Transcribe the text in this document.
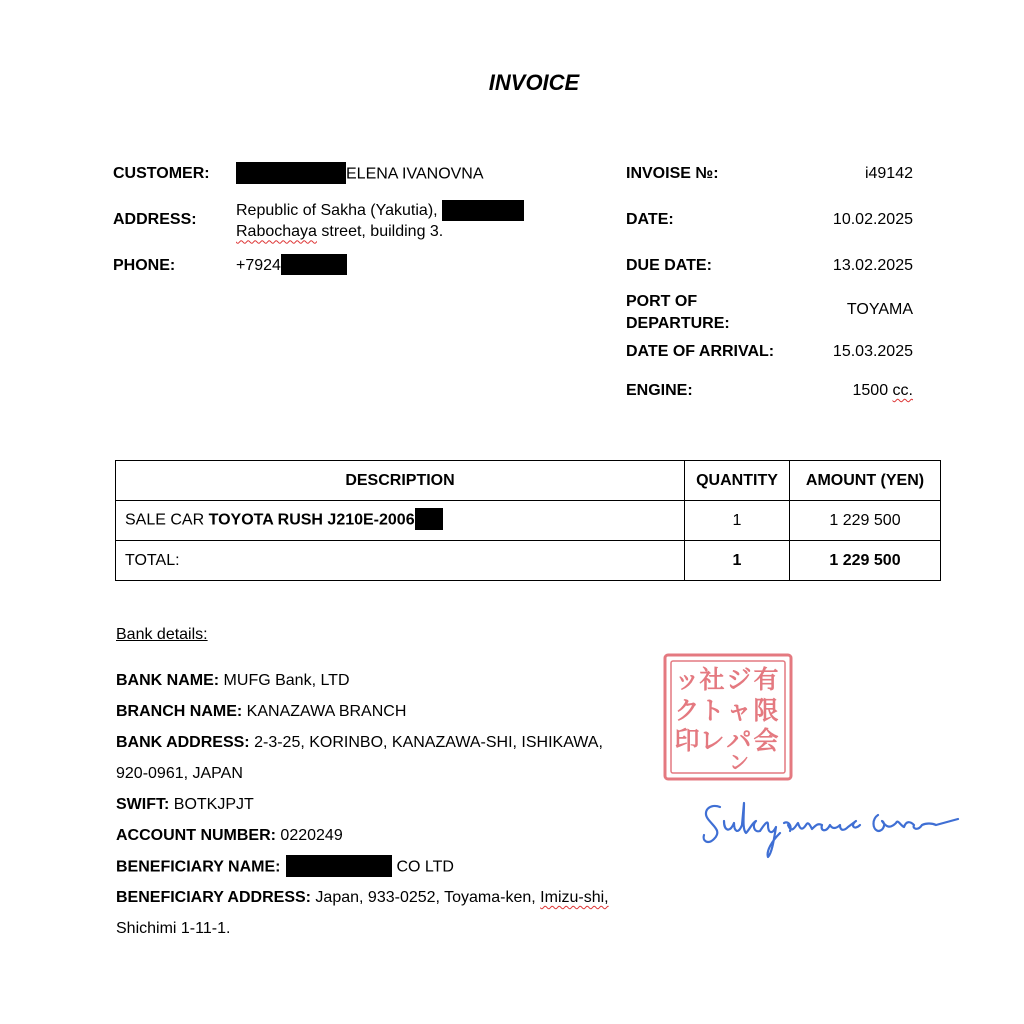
INVOICE
CUSTOMER:	ELENA IVANOVNA
ADDRESS:
Republic of Sakha (Yakutia),
Rabochaya street, building 3.
PHONE:	+7924
INVOISE №:	i49142
DATE:	10.02.2025
DUE DATE:	13.02.2025
PORT OF
DEPARTURE:
TOYAMA
DATE OF ARRIVAL:	15.03.2025
ENGINE:	1500 cc.
DESCRIPTION	QUANTITY	AMOUNT (YEN)
SALE CAR TOYOTA RUSH J210E-2006	1	1 229 500
TOTAL:	1	1 229 500
Bank details:
BANK NAME: MUFG Bank, LTD
BRANCH NAME: KANAZAWA BRANCH
BANK ADDRESS: 2-3-25, KORINBO, KANAZAWA-SHI, ISHIKAWA,
920-0961, JAPAN
SWIFT: BOTKJPJT
ACCOUNT NUMBER: 0220249
BENEFICIARY NAME:	CO LTD
BENEFICIARY ADDRESS: Japan, 933-0252, Toyama-ken, Imizu-shi,
Shichimi 1-11-1.
有
限
会
ジ
ャ
パ
ン
社
ト
レ
ッ
ク
印
